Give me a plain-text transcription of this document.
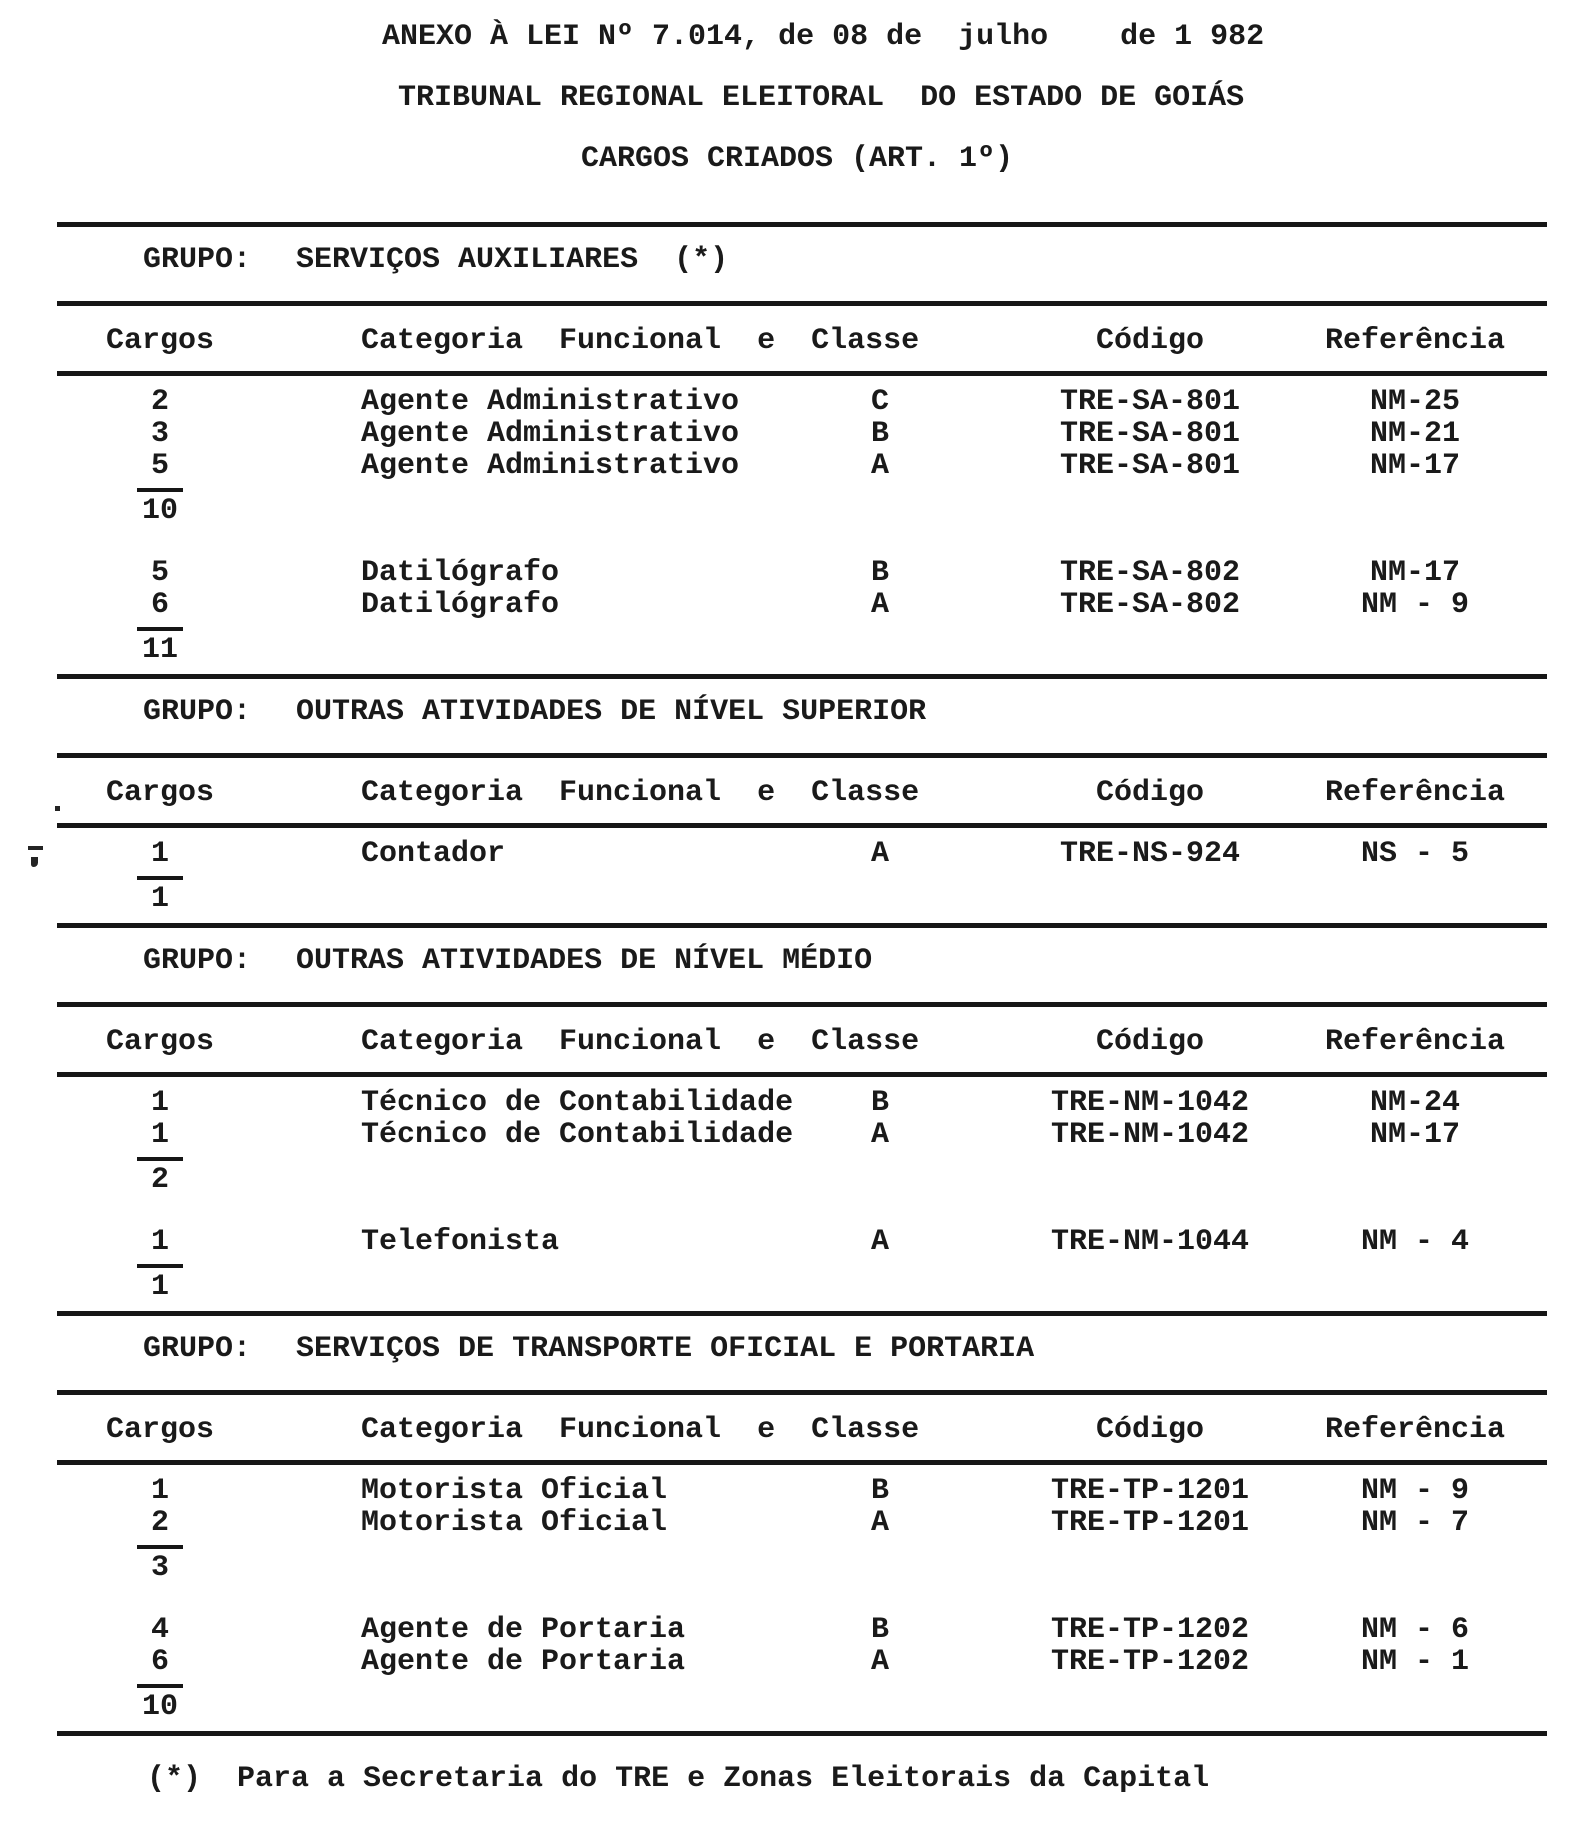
ANEXO À LEI Nº 7.014, de 08 de  julho    de 1 982
TRIBUNAL REGIONAL ELEITORAL  DO ESTADO DE GOIÁS
CARGOS CRIADOS (ART. 1º)
GRUPO:	SERVIÇOS AUXILIARES  (*)
Cargos	Categoria  Funcional  e  Classe	Código	Referência
2	Agente Administrativo	C	TRE-SA-801	NM-25
3	Agente Administrativo	B	TRE-SA-801	NM-21
5	Agente Administrativo	A	TRE-SA-801	NM-17
10
5	Datilógrafo	B	TRE-SA-802	NM-17
6	Datilógrafo	A	TRE-SA-802	NM - 9
11
GRUPO:	OUTRAS ATIVIDADES DE NÍVEL SUPERIOR
Cargos	Categoria  Funcional  e  Classe	Código	Referência
1	Contador	A	TRE-NS-924	NS - 5
1
GRUPO:	OUTRAS ATIVIDADES DE NÍVEL MÉDIO
Cargos	Categoria  Funcional  e  Classe	Código	Referência
1	Técnico de Contabilidade	B	TRE-NM-1042	NM-24
1	Técnico de Contabilidade	A	TRE-NM-1042	NM-17
2
1	Telefonista	A	TRE-NM-1044	NM - 4
1
GRUPO:	SERVIÇOS DE TRANSPORTE OFICIAL E PORTARIA
Cargos	Categoria  Funcional  e  Classe	Código	Referência
1	Motorista Oficial	B	TRE-TP-1201	NM - 9
2	Motorista Oficial	A	TRE-TP-1201	NM - 7
3
4	Agente de Portaria	B	TRE-TP-1202	NM - 6
6	Agente de Portaria	A	TRE-TP-1202	NM - 1
10
(*)  Para a Secretaria do TRE e Zonas Eleitorais da Capital
